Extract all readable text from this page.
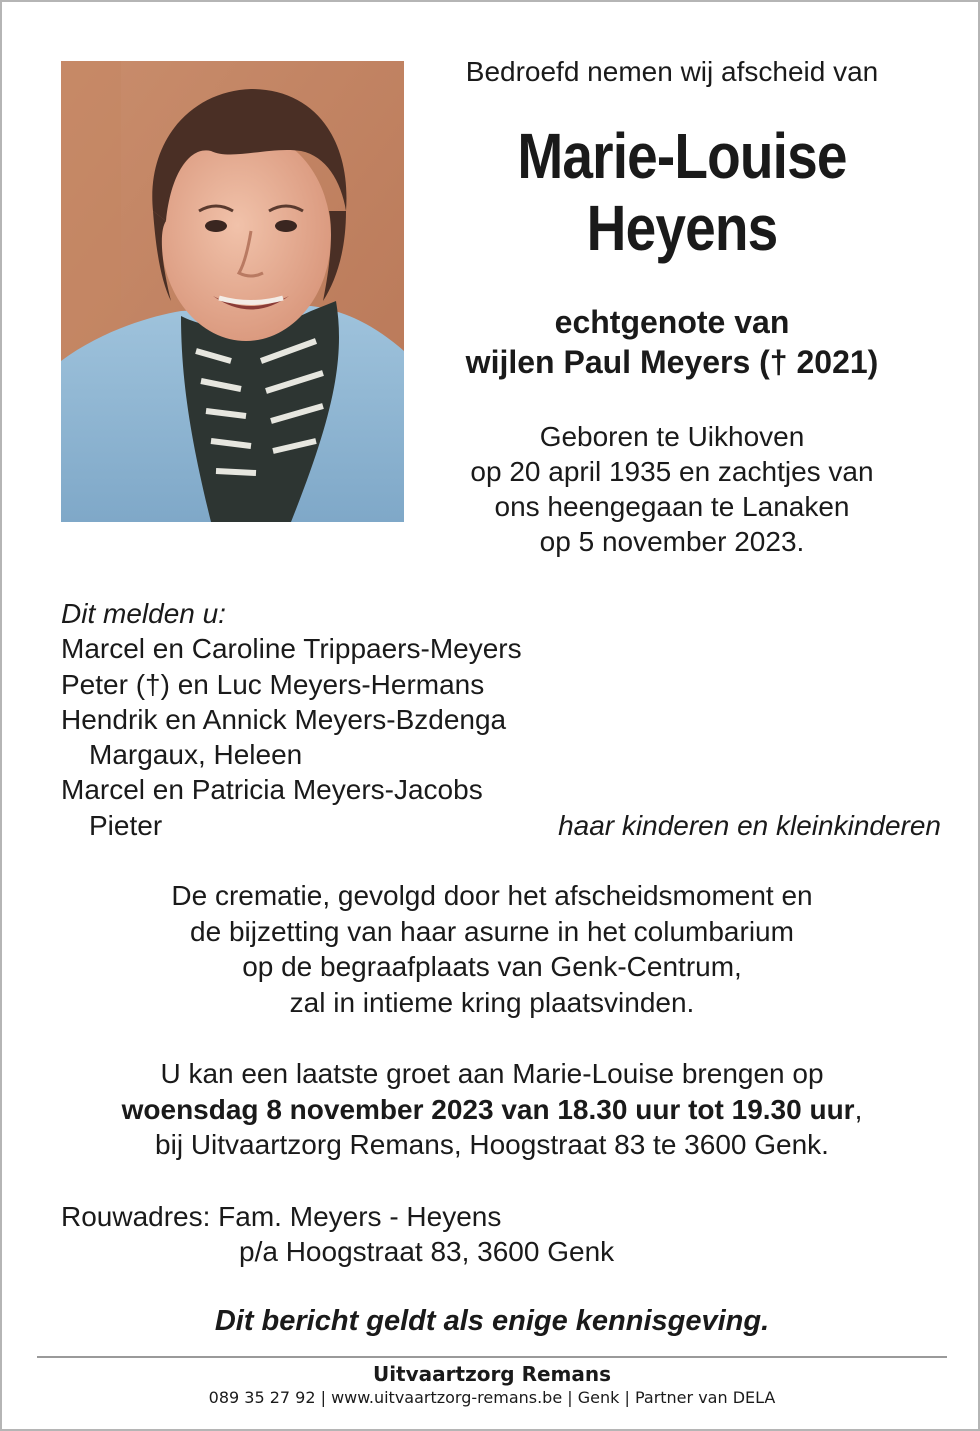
Bedroefd nemen wij afscheid van
Marie-Louise
Heyens
echtgenote van
wijlen Paul Meyers († 2021)
Geboren te Uikhoven
op 20 april 1935 en zachtjes van
ons heengegaan te Lanaken
op 5 november 2023.
Dit melden u:
Marcel en Caroline Trippaers-Meyers
Peter (†) en Luc Meyers-Hermans
Hendrik en Annick Meyers-Bzdenga
Margaux, Heleen
Marcel en Patricia Meyers-Jacobs
Pieter	haar kinderen en kleinkinderen
De crematie, gevolgd door het afscheidsmoment en
de bijzetting van haar asurne in het columbarium
op de begraafplaats van Genk-Centrum,
zal in intieme kring plaatsvinden.
U kan een laatste groet aan Marie-Louise brengen op
woensdag 8 november 2023 van 18.30 uur tot 19.30 uur,
bij Uitvaartzorg Remans, Hoogstraat 83 te 3600 Genk.
Rouwadres: Fam. Meyers - Heyens
p/a Hoogstraat 83, 3600 Genk
Dit bericht geldt als enige kennisgeving.
Uitvaartzorg Remans
089 35 27 92 | www.uitvaartzorg-remans.be | Genk | Partner van DELA
